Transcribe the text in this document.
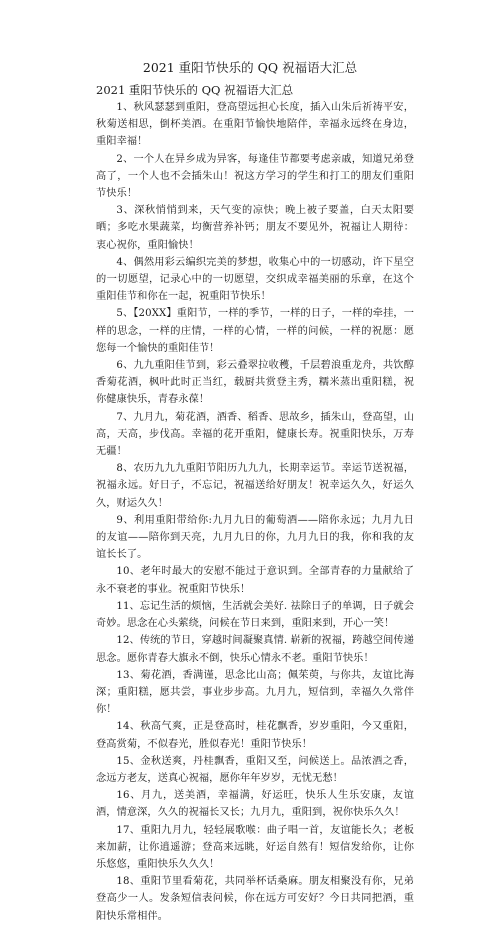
2021 重阳节快乐的 QQ 祝福语大汇总
2021 重阳节快乐的 QQ 祝福语大汇总

1、秋风瑟瑟到重阳，登高望远担心长度，插入山朱后祈祷平安，秋菊送相思，倒杯美酒。在重阳节愉快地陪伴，幸福永远终在身边，重阳幸福！

2、一个人在异乡成为异客，每逢佳节都要考虑亲戚，知道兄弟登高了，一个人也不会插朱山！祝这方学习的学生和打工的朋友们重阳节快乐！

3、深秋悄悄到来，天气变的凉快；晚上被子要盖，白天太阳要晒；多吃水果蔬菜，均衡营养补钙；朋友不要见外，祝福让人期待：衷心祝你，重阳愉快！

4、偶然用彩云编织完美的梦想，收集心中的一切感动，许下星空的一切愿望，记录心中的一切愿望，交织成幸福美丽的乐章，在这个重阳佳节和你在一起，祝重阳节快乐！

5、【20XX】重阳节，一样的季节，一样的日子，一样的牵挂，一样的思念，一样的庄情，一样的心情，一样的问候，一样的祝愿：愿您每一个愉快的重阳佳节！

6、九九重阳佳节到，彩云叠翠拉收穫，千层碧浪重龙舟，共饮醇香菊花酒，枫叶此时正当红，载厨共赏登主秀，糯米蒸出重阳糕，祝你健康快乐，青春永葆！

7、九月九，菊花酒，酒香、稻香、思故乡，插朱山，登高望，山高，天高，步伐高。幸福的花开重阳，健康长寿。祝重阳快乐，万寿无疆！

8、农历九九九重阳节阳历九九九，长期幸运节。幸运节送祝福，祝福永远。好日子，不忘记，祝福送给好朋友！祝幸运久久，好运久久，财运久久！

9、利用重阳带给你:九月九日的葡萄酒——陪你永远；九月九日的友谊——陪你到天亮，九月九日的你，九月九日的我，你和我的友谊长长了。

10、老年时最大的安慰不能过于意识到。全部青春的力量献给了永不衰老的事业。祝重阳节快乐！

11、忘记生活的烦恼，生活就会美好. 祛除日子的单调，日子就会奇妙。思念在心头萦绕，问候在节日来到，重阳来到，开心一笑！

12、传统的节日，穿越时间凝聚真情. 崭新的祝福，跨越空间传递思念。愿你青春大旗永不倒，快乐心情永不老。重阳节快乐！

13、菊花酒，香满谨，思念比山高；佩茱萸，与你共，友谊比海深；重阳糕，愿共尝，事业步步高。九月九，短信到，幸福久久常伴你！

14、秋高气爽，正是登高时，桂花飘香，岁岁重阳，今又重阳，登高赏菊，不似春光，胜似春光！重阳节快乐！

15、金秋送爽，丹桂飘香，重阳又至，问候送上。品浓酒之香，念远方老友，送真心祝福，愿你年年岁岁，无忧无愁！

16、月九，送美酒，幸福满，好运旺，快乐人生乐安康，友谊酒，情意深，久久的祝福长又长；九月九，重阳到，祝你快乐久久！

17、重阳九月九，轻轻展歌喉：曲子唱一首，友谊能长久；老板来加薪，让你逍遥游；登高来远眺，好运自然有！短信发给你，让你乐悠悠，重阳快乐久久久！

18、重阳节里看菊花，共同举杯话桑麻。朋友相聚没有你，兄弟登高少一人。发条短信表问候，你在远方可安好？今日共同把酒，重阳快乐常相伴。
